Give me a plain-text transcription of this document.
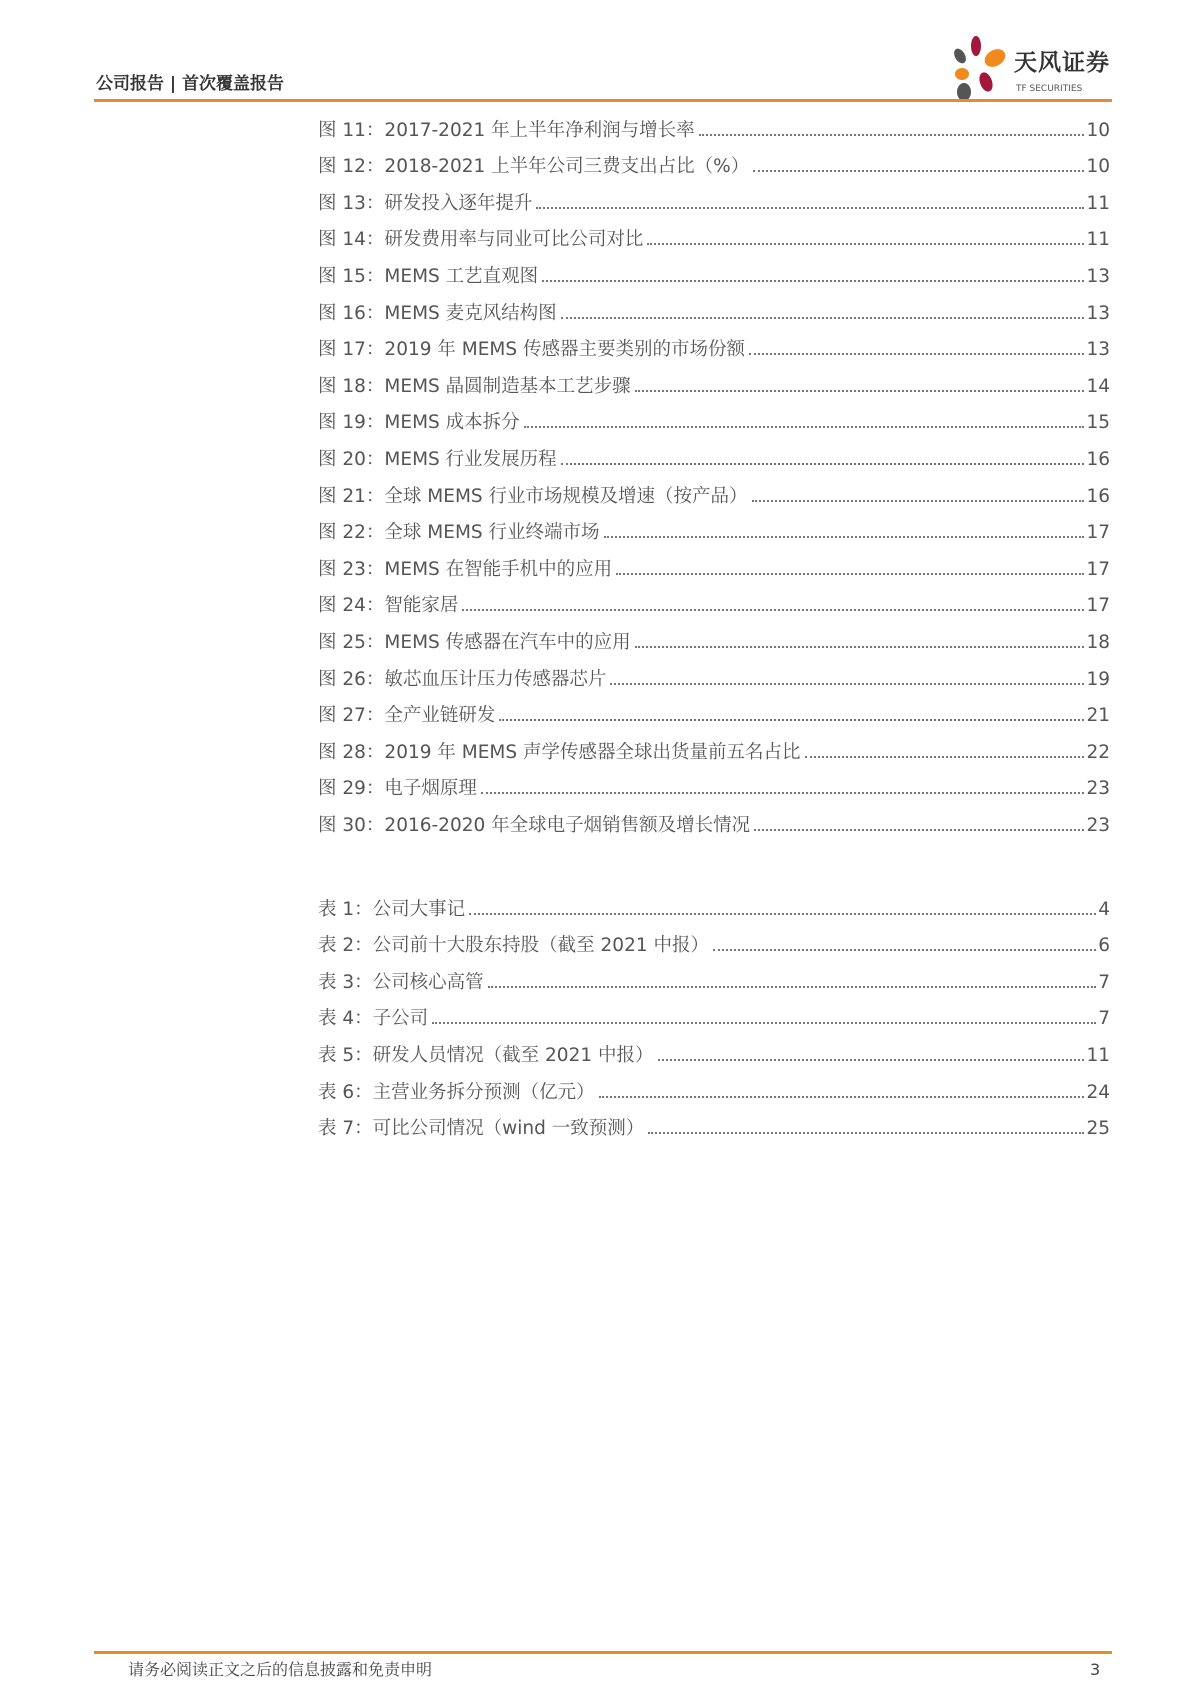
公司报告 | 首次覆盖报告
天风证券
TF SECURITIES
图 11：2017-2021 年上半年净利润与增长率	10
图 12：2018-2021 上半年公司三费支出占比（%）	10
图 13：研发投入逐年提升	11
图 14：研发费用率与同业可比公司对比	11
图 15：MEMS 工艺直观图	13
图 16：MEMS 麦克风结构图	13
图 17：2019 年 MEMS 传感器主要类别的市场份额	13
图 18：MEMS 晶圆制造基本工艺步骤	14
图 19：MEMS 成本拆分	15
图 20：MEMS 行业发展历程	16
图 21：全球 MEMS 行业市场规模及增速（按产品）	16
图 22：全球 MEMS 行业终端市场	17
图 23：MEMS 在智能手机中的应用	17
图 24：智能家居	17
图 25：MEMS 传感器在汽车中的应用	18
图 26：敏芯血压计压力传感器芯片	19
图 27：全产业链研发	21
图 28：2019 年 MEMS 声学传感器全球出货量前五名占比	22
图 29：电子烟原理	23
图 30：2016-2020 年全球电子烟销售额及增长情况	23
表 1：公司大事记	4
表 2：公司前十大股东持股（截至 2021 中报）	6
表 3：公司核心高管	7
表 4：子公司	7
表 5：研发人员情况（截至 2021 中报）	11
表 6：主营业务拆分预测（亿元）	24
表 7：可比公司情况（wind 一致预测）	25
请务必阅读正文之后的信息披露和免责申明	3
